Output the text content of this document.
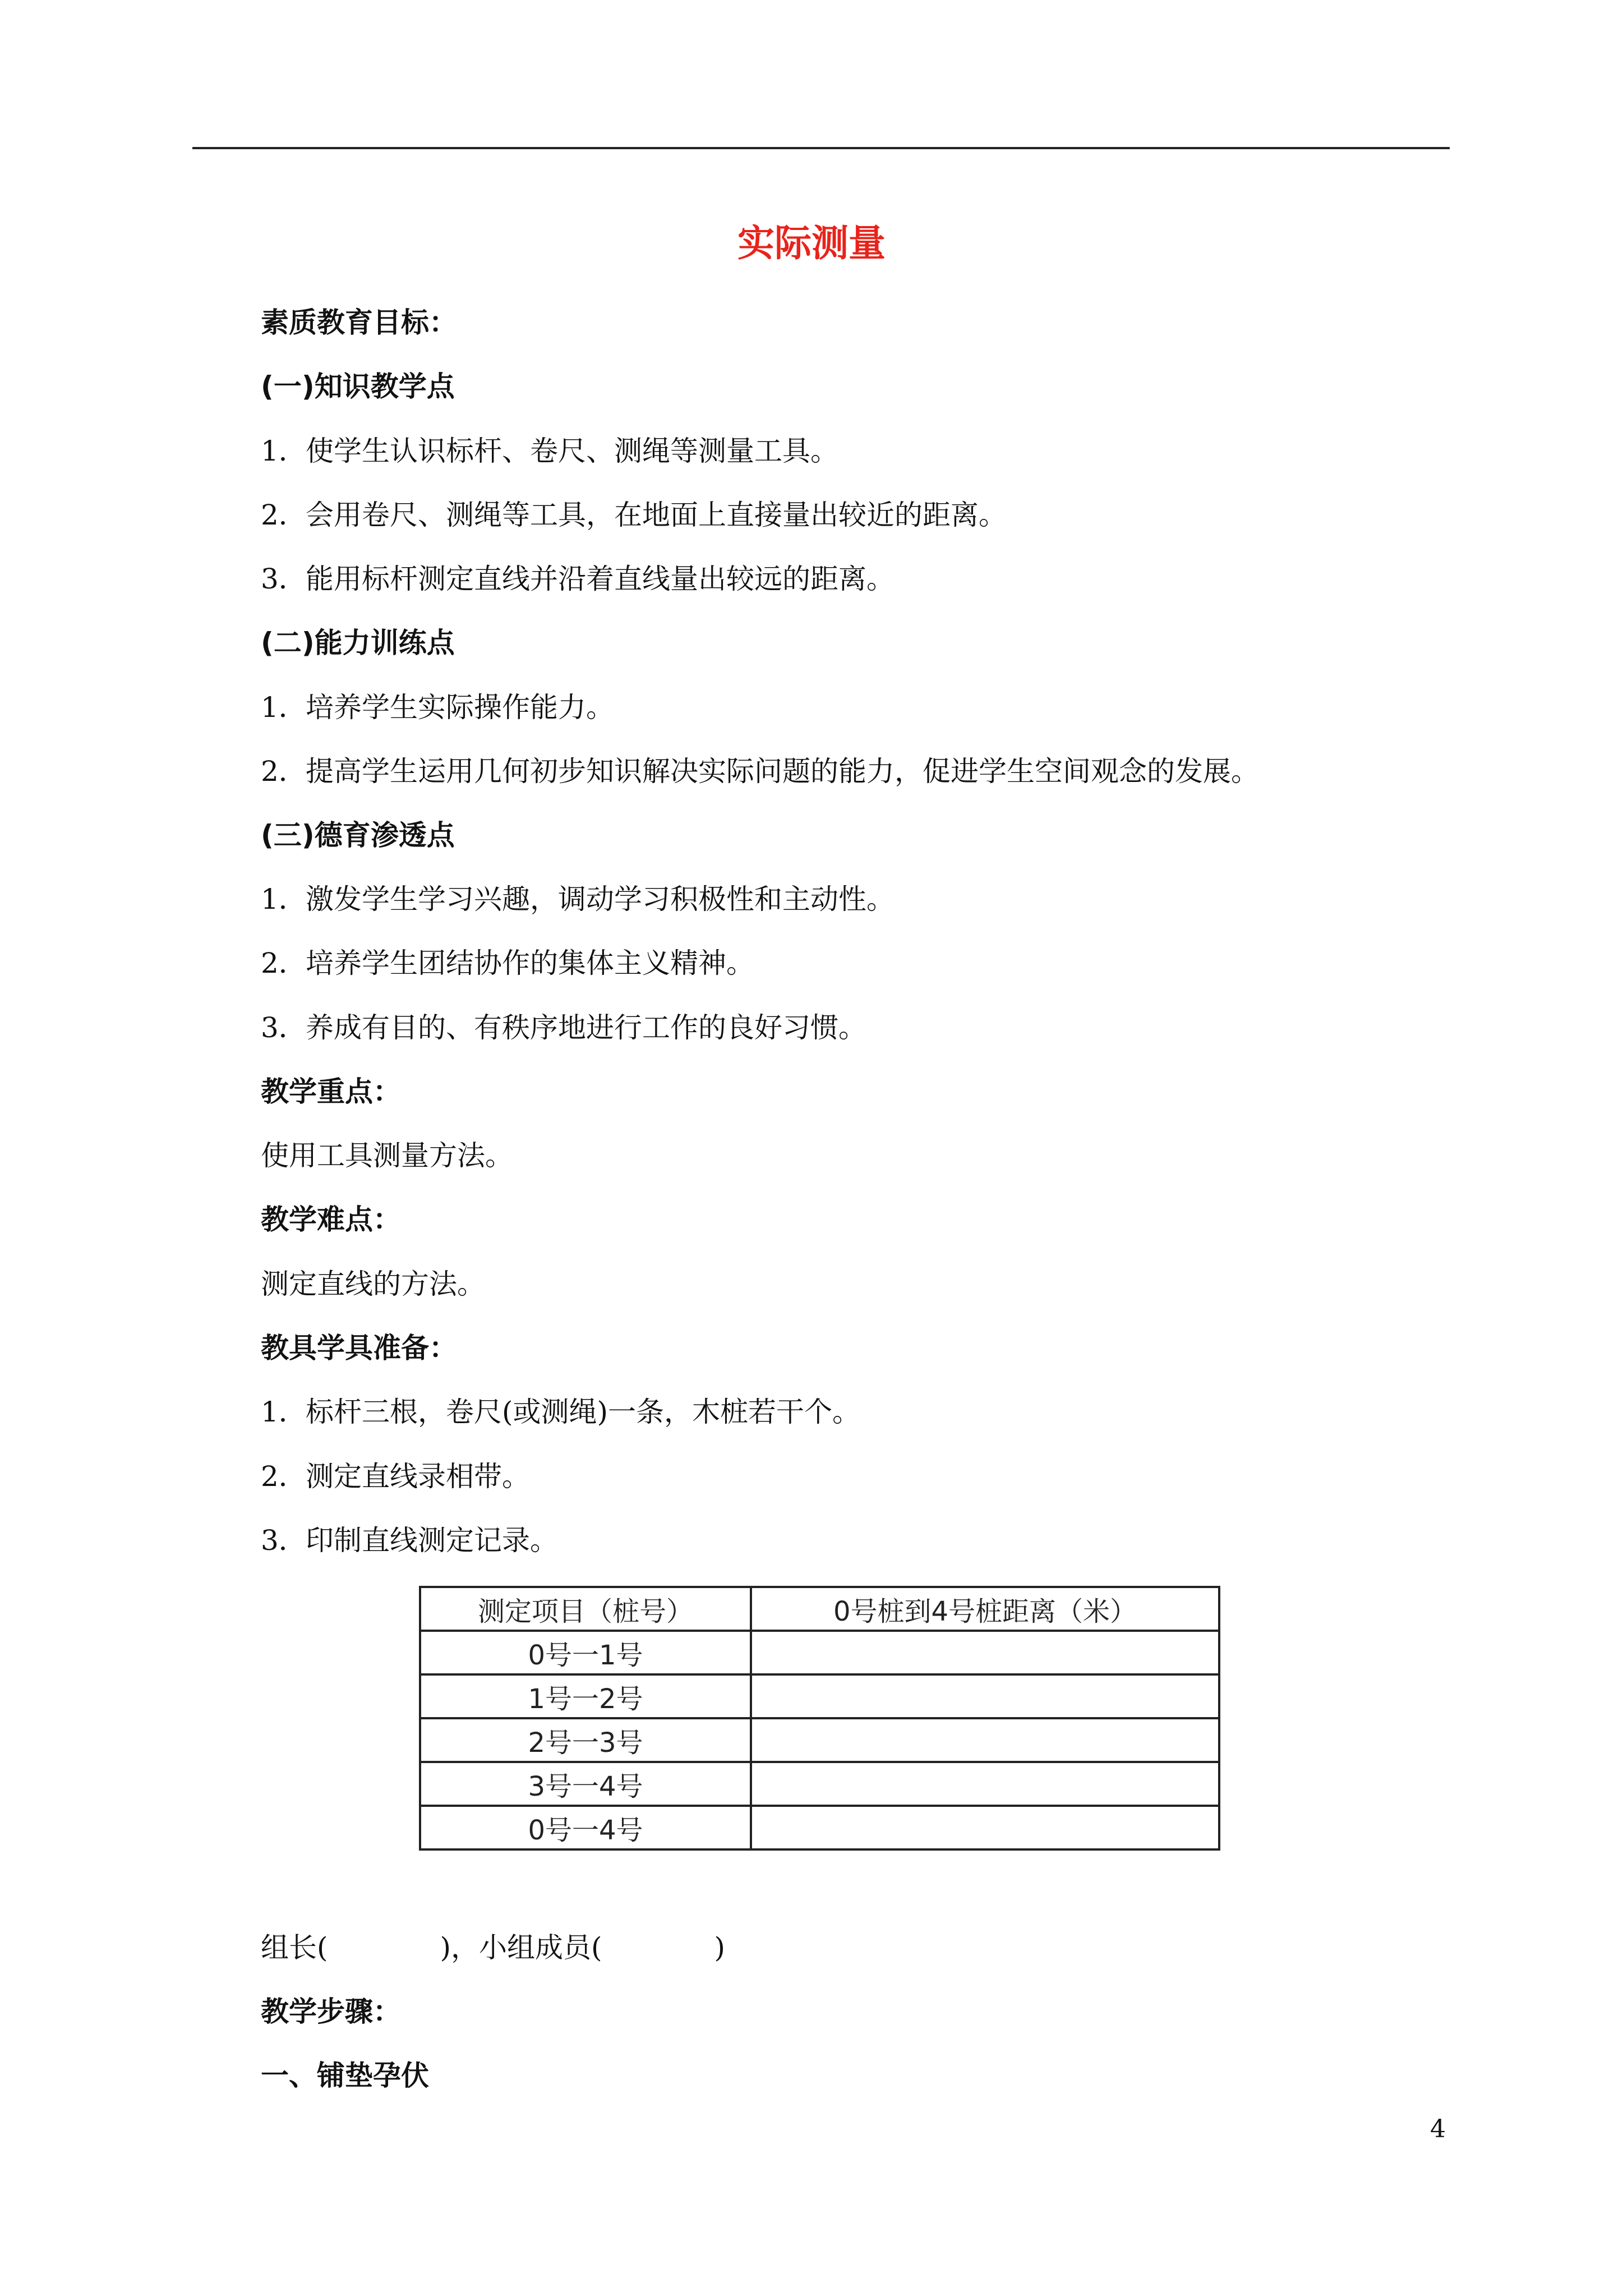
实际测量
素质教育目标：
(一)知识教学点
1．使学生认识标杆、卷尺、测绳等测量工具。
2．会用卷尺、测绳等工具，在地面上直接量出较近的距离。
3．能用标杆测定直线并沿着直线量出较远的距离。
(二)能力训练点
1．培养学生实际操作能力。
2．提高学生运用几何初步知识解决实际问题的能力，促进学生空间观念的发展。
(三)德育渗透点
1．激发学生学习兴趣，调动学习积极性和主动性。
2．培养学生团结协作的集体主义精神。
3．养成有目的、有秩序地进行工作的良好习惯。
教学重点：
使用工具测量方法。
教学难点：
测定直线的方法。
教具学具准备：
1．标杆三根，卷尺(或测绳)一条，木桩若干个。
2．测定直线录相带。
3．印制直线测定记录。
测定项目（桩号）	0号桩到4号桩距离（米）
0号一1号	
1号一2号	
2号一3号	
3号一4号	
0号一4号	
组长(　　　　)，小组成员(　　　　)
教学步骤：
一、铺垫孕伏
4
